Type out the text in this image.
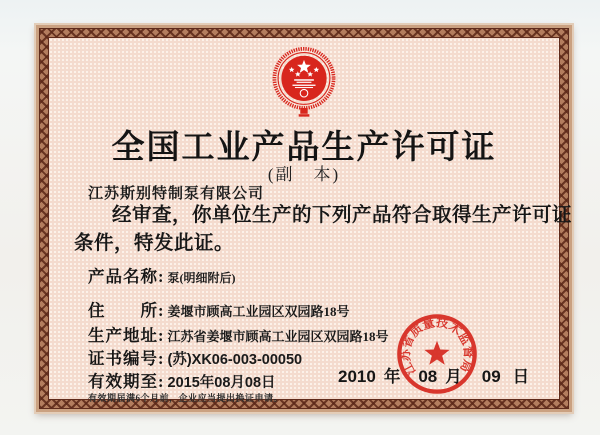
全国工业产品生产许可证
(副　本)
江苏斯别特制泵有限公司
经审查，你单位生产的下列产品符合取得生产许可证
条件，特发此证。
产品名称: 泵(明细附后)
住　　所: 姜堰市顾高工业园区双园路18号
生产地址: 江苏省姜堰市顾高工业园区双园路18号
证书编号: (苏)XK06-003-00050
有效期至: 2015年08月08日
有效期届满6个月前，企业应当提出换证申请。
2010 年 08 月 09 日
江苏省质量技术监督局
